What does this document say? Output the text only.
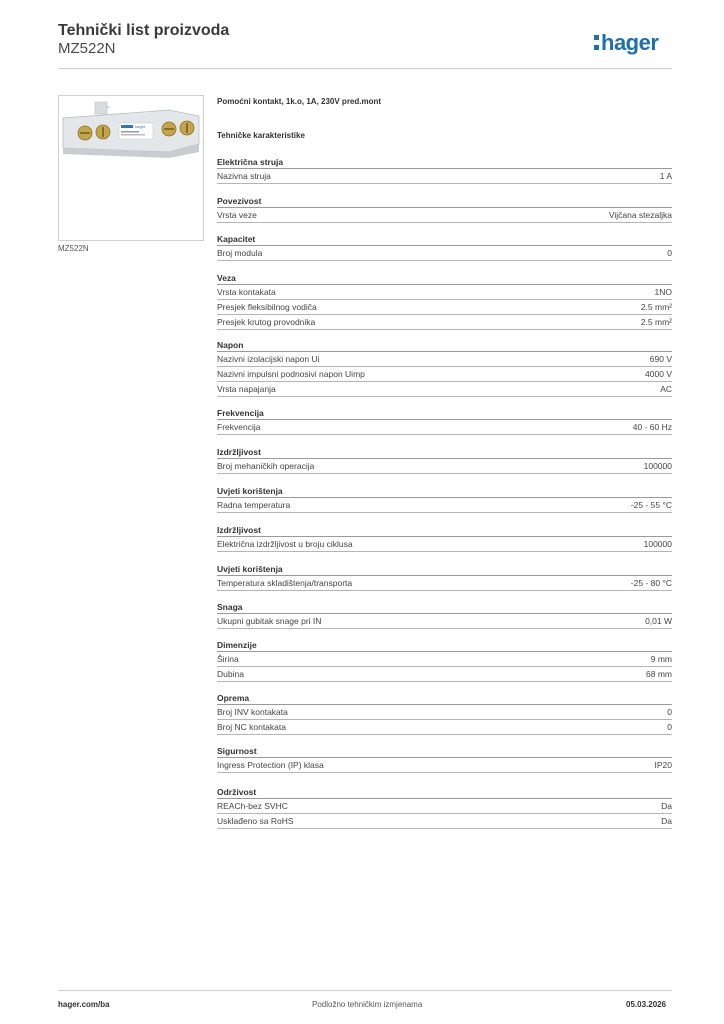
Tehnički list proizvoda
MZ522N	hager
hager
MZ522N
Pomoćni kontakt, 1k.o, 1A, 230V pred.mont
Tehničke karakteristike
Električna struja
Nazivna struja	1 A
Povezivost
Vrsta veze	Vijčana stezaljka
Kapacitet
Broj modula	0
Veza
Vrsta kontakata	1NO
Presjek fleksibilnog vodiča	2.5 mm²
Presjek krutog provodnika	2.5 mm²
Napon
Nazivni izolacijski napon Ui	690 V
Nazivni impulsni podnosivi napon Uimp	4000 V
Vrsta napajanja	AC
Frekvencija
Frekvencija	40 - 60 Hz
Izdržljivost
Broj mehaničkih operacija	100000
Uvjeti korištenja
Radna temperatura	-25 - 55 °C
Izdržljivost
Električna izdržljivost u broju ciklusa	100000
Uvjeti korištenja
Temperatura skladištenja/transporta	-25 - 80 °C
Snaga
Ukupni gubitak snage pri IN	0,01 W
Dimenzije
Širina	9 mm
Dubina	68 mm
Oprema
Broj INV kontakata	0
Broj NC kontakata	0
Sigurnost
Ingress Protection (IP) klasa	IP20
Održivost
REACh-bez SVHC	Da
Usklađeno sa RoHS	Da
hager.com/ba	Podložno tehničkim izmjenama	05.03.2026
